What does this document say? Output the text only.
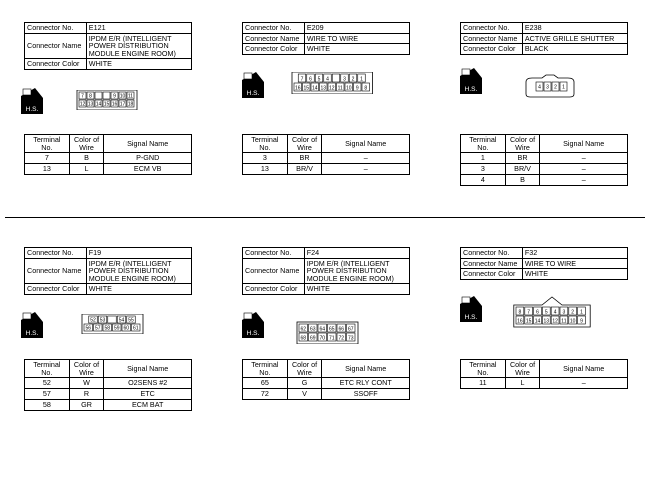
Connector No.	E121
Connector Name	IPDM E/R (INTELLIGENT POWER DISTRIBUTION MODULE ENGINE ROOM)
Connector Color	WHITE
H.S.
7 8	9 10 11
12 13 14 15 16 17 18
Terminal No.	Color of Wire	Signal Name
7	B	P-GND
13	L	ECM VB
Connector No.	E209
Connector Name	WIRE TO WIRE
Connector Color	WHITE
H.S.
7 6 5 4	3 2 1
16 15 14 13 12 11 10 9 8
Terminal No.	Color of Wire	Signal Name
3	BR	–
13	BR/V	–
Connector No.	E238
Connector Name	ACTIVE GRILLE SHUTTER
Connector Color	BLACK
H.S.	4 3 2 1
Terminal No.	Color of Wire	Signal Name
1	BR	–
3	BR/V	–
4	B	–
Connector No.	F19
Connector Name	IPDM E/R (INTELLIGENT POWER DISTRIBUTION MODULE ENGINE ROOM)
Connector Color	WHITE
H.S.
52 53	54 55
56 57 58 59 60 61
Terminal No.	Color of Wire	Signal Name
52	W	O2SENS #2
57	R	ETC
58	GR	ECM BAT
Connector No.	F24
Connector Name	IPDM E/R (INTELLIGENT POWER DISTRIBUTION MODULE ENGINE ROOM)
Connector Color	WHITE
H.S.
62 63 64 65 66 67
68 69 70 71 72 73
Terminal No.	Color of Wire	Signal Name
65	G	ETC RLY CONT
72	V	SSOFF
Connector No.	F32
Connector Name	WIRE TO WIRE
Connector Color	WHITE
H.S.
8 7 6 5 4 3 2 1
16 15 14 13 12 11 10 9
Terminal No.	Color of Wire	Signal Name
11	L	–
